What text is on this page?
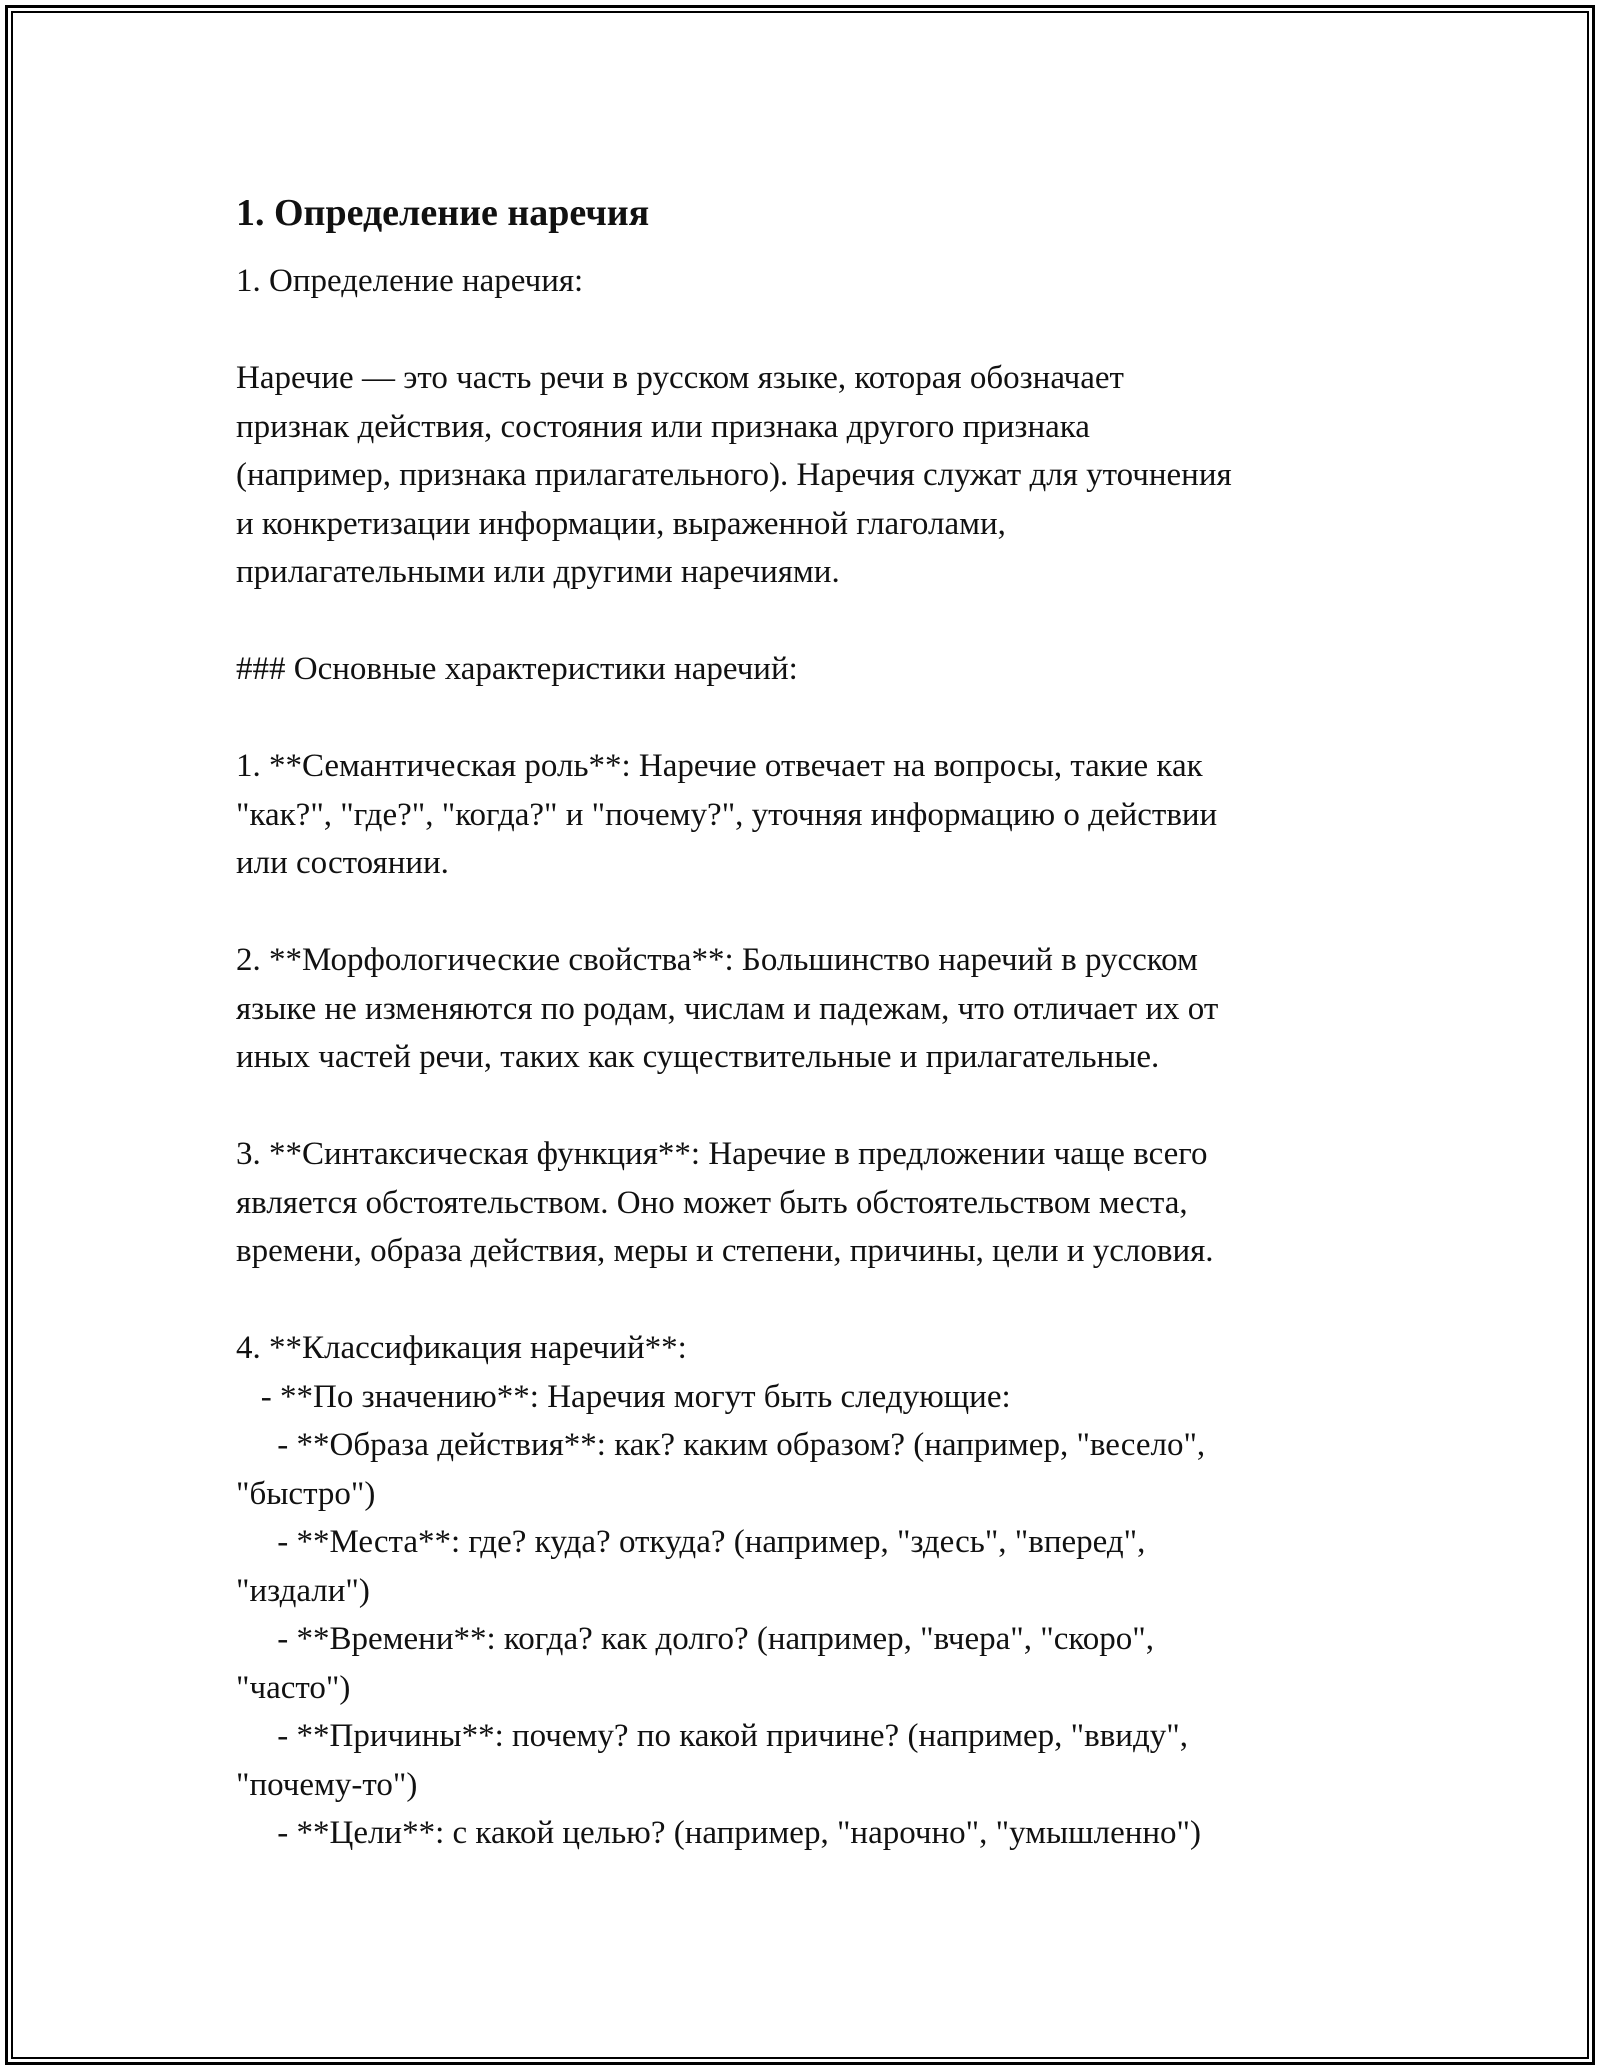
1. Определение наречия
1. Определение наречия:
Наречие — это часть речи в русском языке, которая обозначает
признак действия, состояния или признака другого признака
(например, признака прилагательного). Наречия служат для уточнения
и конкретизации информации, выраженной глаголами,
прилагательными или другими наречиями.
### Основные характеристики наречий:
1. **Семантическая роль**: Наречие отвечает на вопросы, такие как
"как?", "где?", "когда?" и "почему?", уточняя информацию о действии
или состоянии.
2. **Морфологические свойства**: Большинство наречий в русском
языке не изменяются по родам, числам и падежам, что отличает их от
иных частей речи, таких как существительные и прилагательные.
3. **Синтаксическая функция**: Наречие в предложении чаще всего
является обстоятельством. Оно может быть обстоятельством места,
времени, образа действия, меры и степени, причины, цели и условия.
4. **Классификация наречий**:
- **По значению**: Наречия могут быть следующие:
- **Образа действия**: как? каким образом? (например, "весело",
"быстро")
- **Места**: где? куда? откуда? (например, "здесь", "вперед",
"издали")
- **Времени**: когда? как долго? (например, "вчера", "скоро",
"часто")
- **Причины**: почему? по какой причине? (например, "ввиду",
"почему-то")
- **Цели**: с какой целью? (например, "нарочно", "умышленно")
